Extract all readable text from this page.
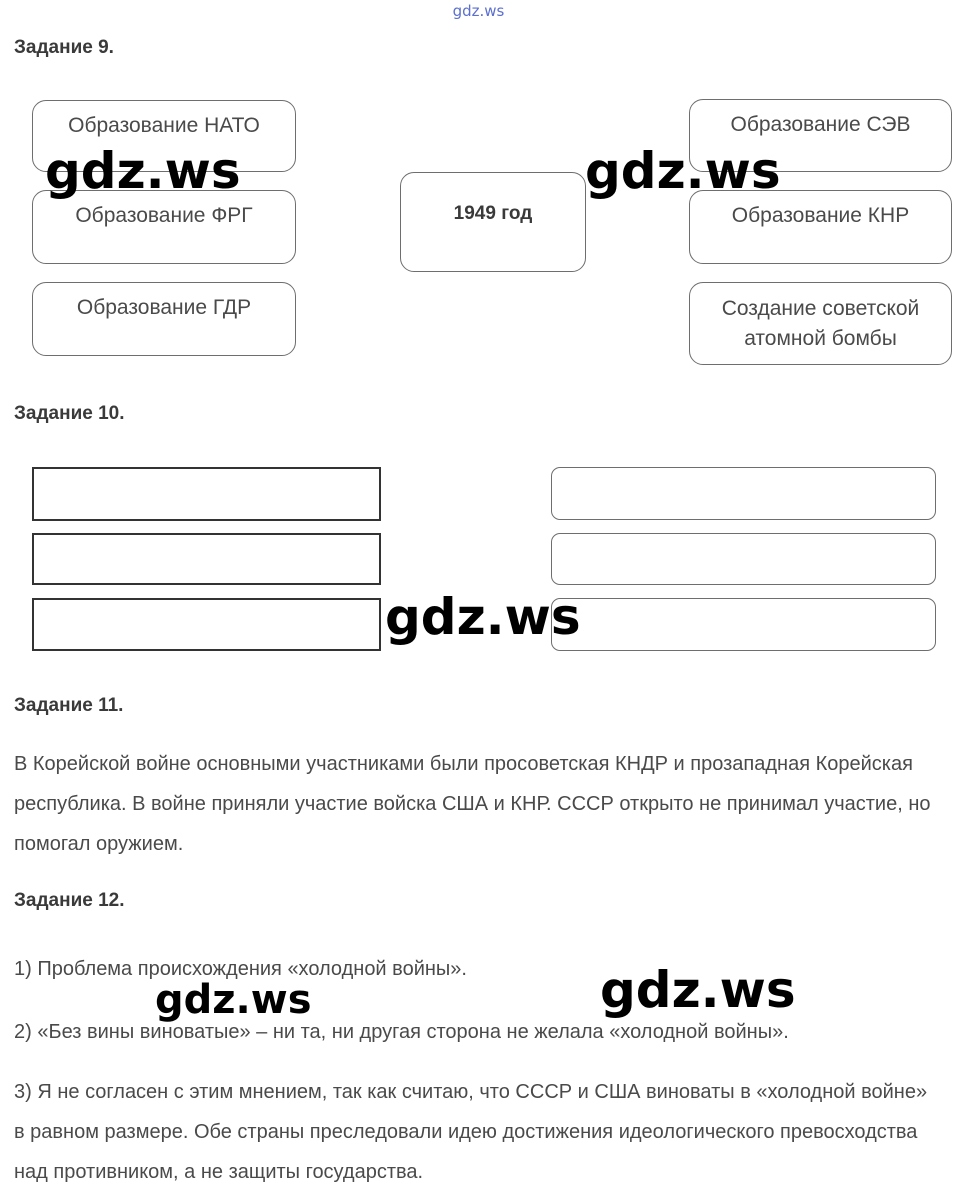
gdz.ws
Задание 9.
Образование НАТО
Образование ФРГ
Образование ГДР
1949 год
Образование СЭВ
Образование КНР
Создание советской атомной бомбы
Задание 10.
Задание 11.
В Корейской войне основными участниками были просоветская КНДР и прозападная Корейская республика. В войне приняли участие войска США и КНР. СССР открыто не принимал участие, но помогал оружием.
Задание 12.
1) Проблема происхождения «холодной войны».
2) «Без вины виноватые» – ни та, ни другая сторона не желала «холодной войны».
3) Я не согласен с этим мнением, так как считаю, что СССР и США виноваты в «холодной войне» в равном размере. Обе страны преследовали идею достижения идеологического превосходства над противником, а не защиты государства.
gdz.ws	gdz.ws
gdz.ws
gdz.ws	gdz.ws
